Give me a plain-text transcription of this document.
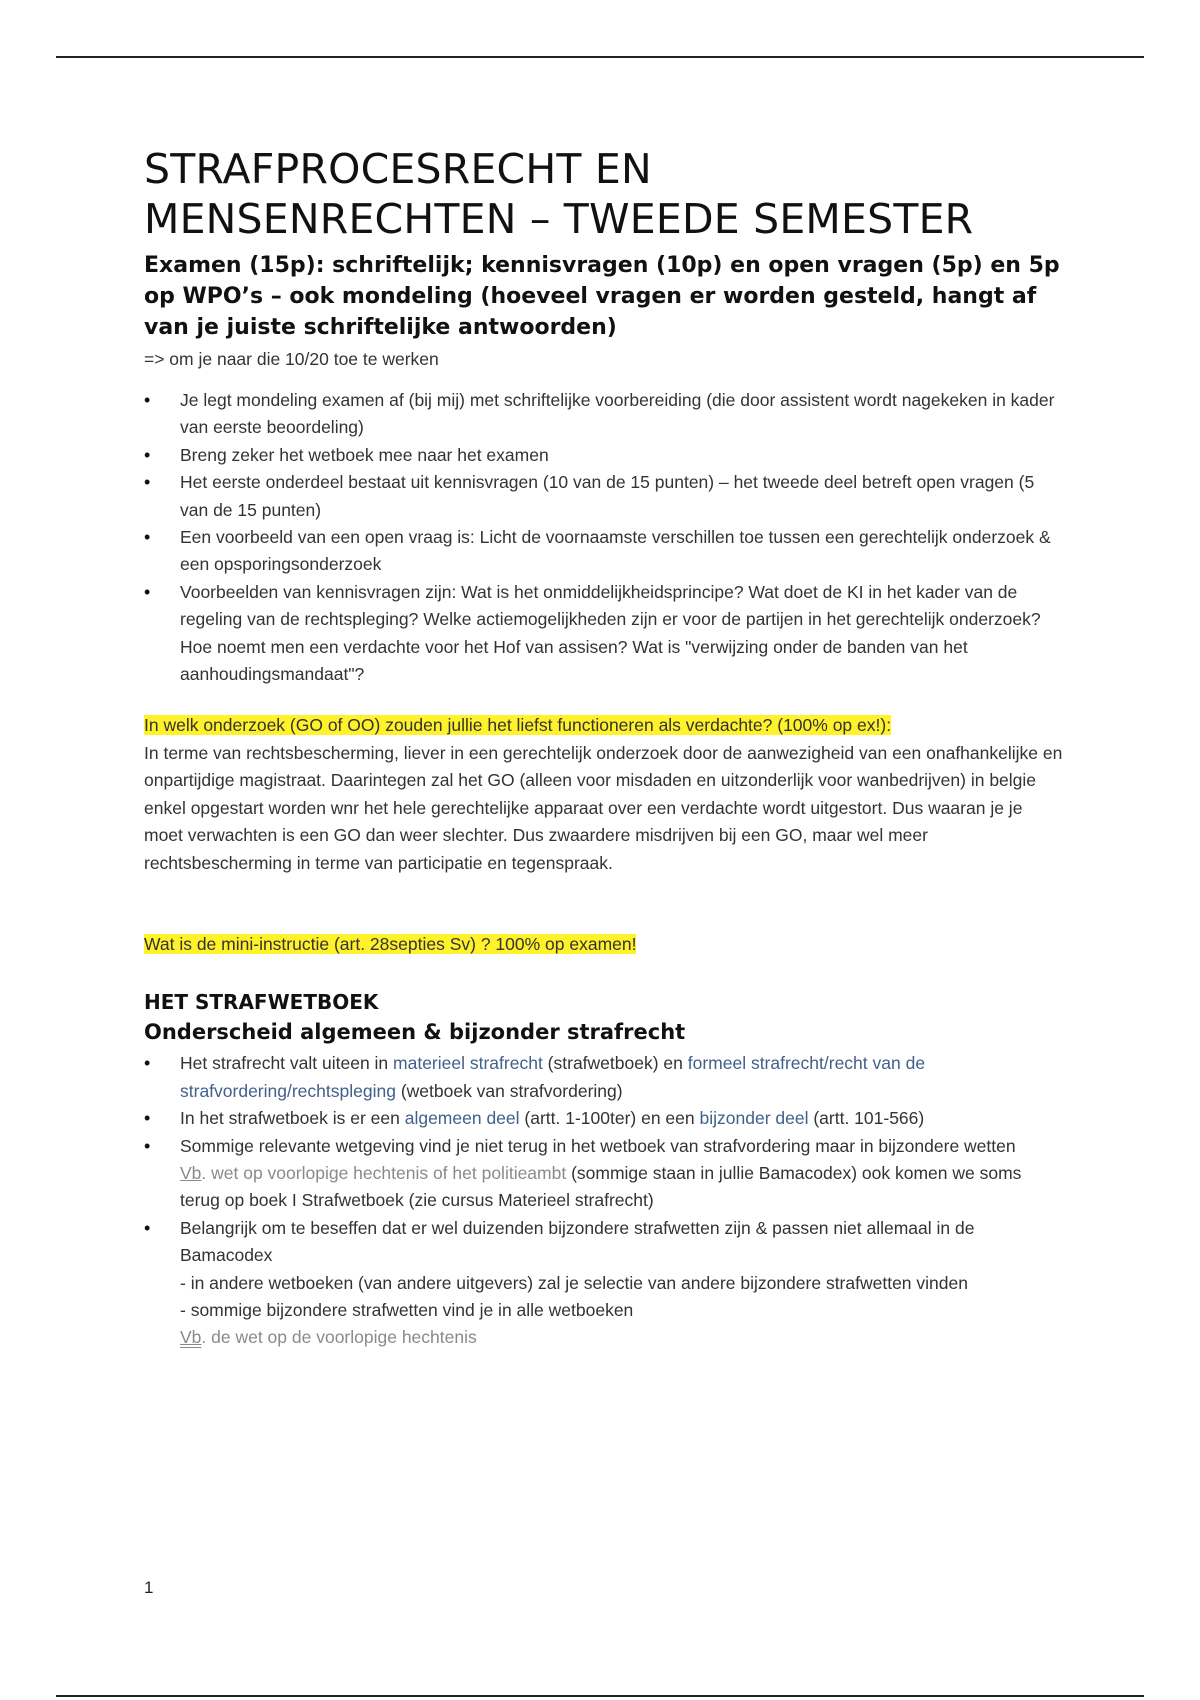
STRAFPROCESRECHT EN
MENSENRECHTEN – TWEEDE SEMESTER

Examen (15p): schriftelijk; kennisvragen (10p) en open vragen (5p) en 5p op WPO’s – ook mondeling (hoeveel vragen er worden gesteld, hangt af van je juiste schriftelijke antwoorden)

=> om je naar die 10/20 toe te werken

• Je legt mondeling examen af (bij mij) met schriftelijke voorbereiding (die door assistent wordt nagekeken in kader van eerste beoordeling)
• Breng zeker het wetboek mee naar het examen
• Het eerste onderdeel bestaat uit kennisvragen (10 van de 15 punten) – het tweede deel betreft open vragen (5 van de 15 punten)
• Een voorbeeld van een open vraag is: Licht de voornaamste verschillen toe tussen een gerechtelijk onderzoek & een opsporingsonderzoek
• Voorbeelden van kennisvragen zijn: Wat is het onmiddelijkheidsprincipe? Wat doet de KI in het kader van de regeling van de rechtspleging? Welke actiemogelijkheden zijn er voor de partijen in het gerechtelijk onderzoek? Hoe noemt men een verdachte voor het Hof van assisen? Wat is "verwijzing onder de banden van het aanhoudingsmandaat"?

In welk onderzoek (GO of OO) zouden jullie het liefst functioneren als verdachte? (100% op ex!):

In terme van rechtsbescherming, liever in een gerechtelijk onderzoek door de aanwezigheid van een onafhankelijke en onpartijdige magistraat. Daarintegen zal het GO (alleen voor misdaden en uitzonderlijk voor wanbedrijven) in belgie enkel opgestart worden wnr het hele gerechtelijke apparaat over een verdachte wordt uitgestort. Dus waaran je je moet verwachten is een GO dan weer slechter. Dus zwaardere misdrijven bij een GO, maar wel meer rechtsbescherming in terme van participatie en tegenspraak.

Wat is de mini-instructie (art. 28septies Sv) ? 100% op examen!

HET STRAFWETBOEK
Onderscheid algemeen & bijzonder strafrecht
• Het strafrecht valt uiteen in materieel strafrecht (strafwetboek) en formeel strafrecht/recht van de strafvordering/rechtspleging (wetboek van strafvordering)
• In het strafwetboek is er een algemeen deel (artt. 1-100ter) en een bijzonder deel (artt. 101-566)
• Sommige relevante wetgeving vind je niet terug in het wetboek van strafvordering maar in bijzondere wetten
Vb. wet op voorlopige hechtenis of het politieambt (sommige staan in jullie Bamacodex) ook komen we soms terug op boek I Strafwetboek (zie cursus Materieel strafrecht)
• Belangrijk om te beseffen dat er wel duizenden bijzondere strafwetten zijn & passen niet allemaal in de Bamacodex
- in andere wetboeken (van andere uitgevers) zal je selectie van andere bijzondere strafwetten vinden
- sommige bijzondere strafwetten vind je in alle wetboeken
Vb. de wet op de voorlopige hechtenis
1
